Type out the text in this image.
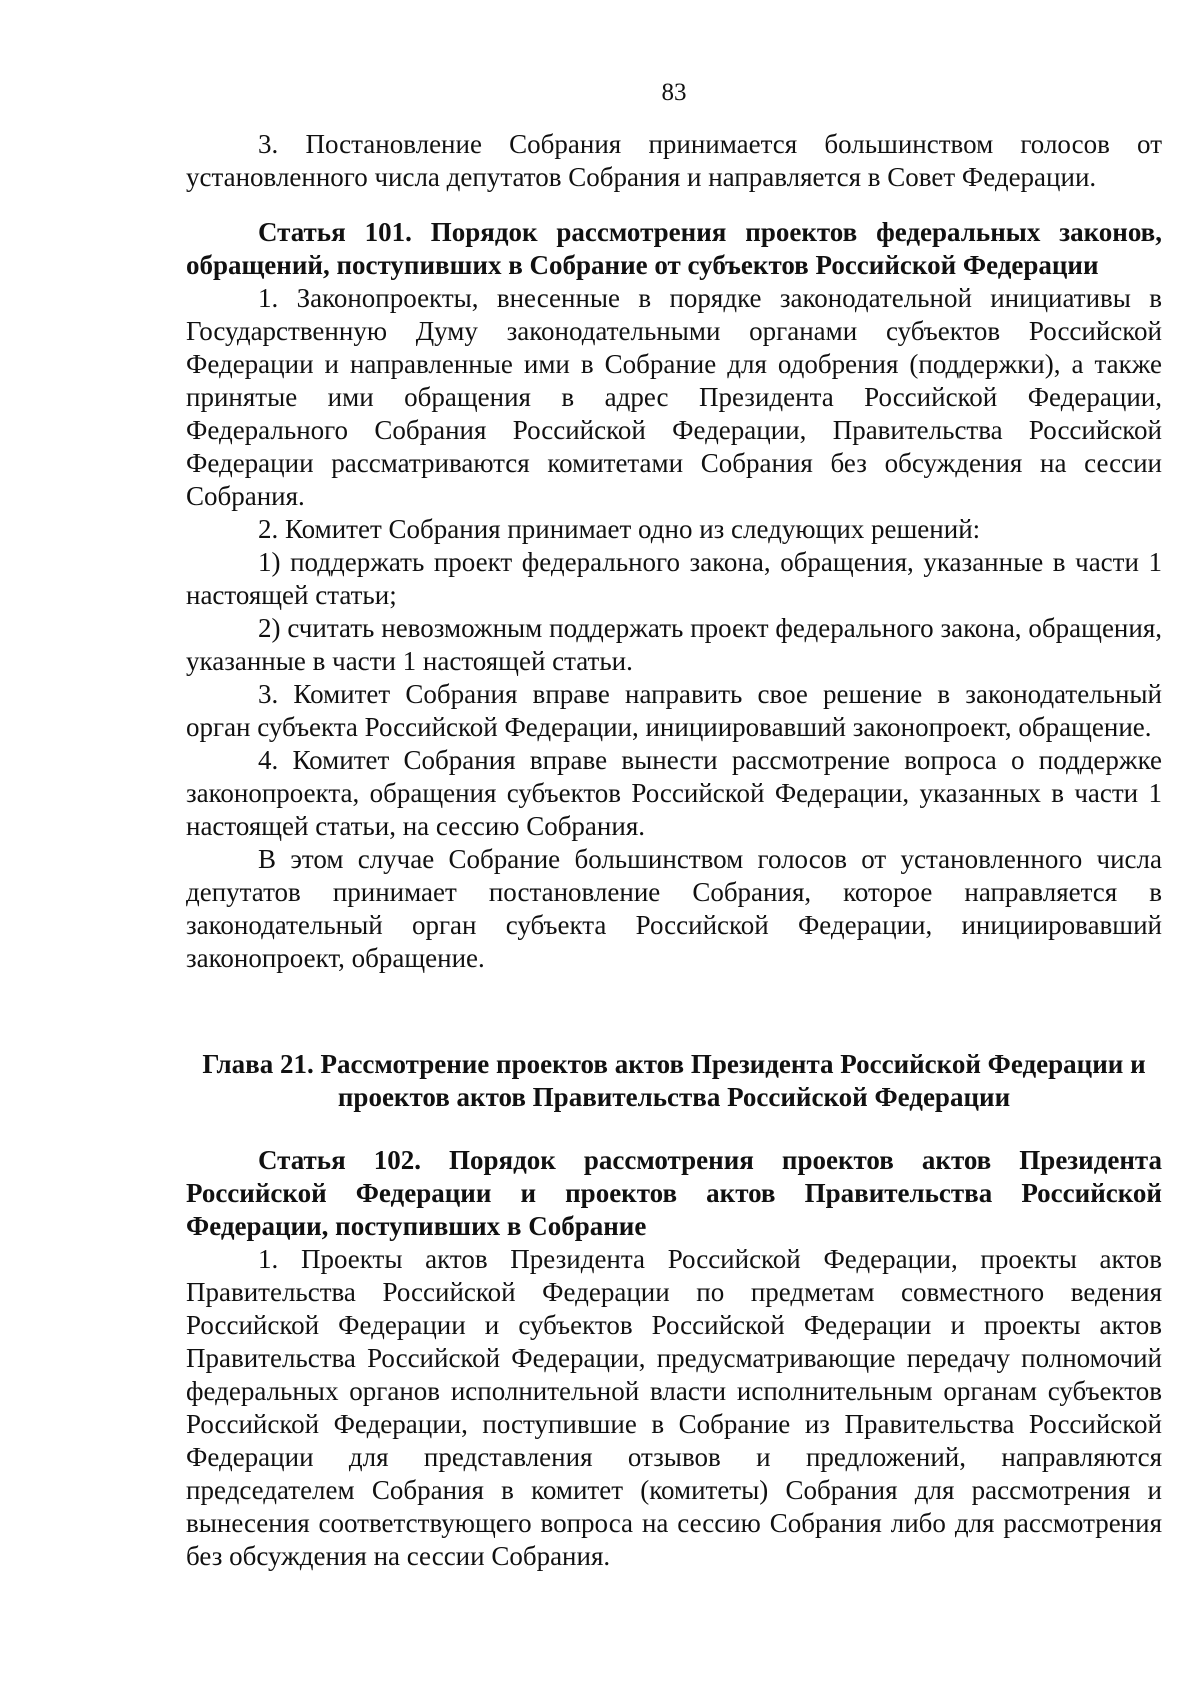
83

3. Постановление Собрания принимается большинством голосов от установленного числа депутатов Собрания и направляется в Совет Федерации.

Статья 101. Порядок рассмотрения проектов федеральных законов, обращений, поступивших в Собрание от субъектов Российской Федерации

1. Законопроекты, внесенные в порядке законодательной инициативы в Государственную Думу законодательными органами субъектов Российской Федерации и направленные ими в Собрание для одобрения (поддержки), а также принятые ими обращения в адрес Президента Российской Федерации, Федерального Собрания Российской Федерации, Правительства Российской Федерации рассматриваются комитетами Собрания без обсуждения на сессии Собрания.

2. Комитет Собрания принимает одно из следующих решений:

1) поддержать проект федерального закона, обращения, указанные в части 1 настоящей статьи;

2) считать невозможным поддержать проект федерального закона, обращения, указанные в части 1 настоящей статьи.

3. Комитет Собрания вправе направить свое решение в законодательный орган субъекта Российской Федерации, инициировавший законопроект, обращение.

4. Комитет Собрания вправе вынести рассмотрение вопроса о поддержке законопроекта, обращения субъектов Российской Федерации, указанных в части 1 настоящей статьи, на сессию Собрания.

В этом случае Собрание большинством голосов от установленного числа депутатов принимает постановление Собрания, которое направляется в законодательный орган субъекта Российской Федерации, инициировавший законопроект, обращение.

Глава 21. Рассмотрение проектов актов Президента Российской Федерации и проектов актов Правительства Российской Федерации

Статья 102. Порядок рассмотрения проектов актов Президента Российской Федерации и проектов актов Правительства Российской Федерации, поступивших в Собрание

1. Проекты актов Президента Российской Федерации, проекты актов Правительства Российской Федерации по предметам совместного ведения Российской Федерации и субъектов Российской Федерации и проекты актов Правительства Российской Федерации, предусматривающие передачу полномочий федеральных органов исполнительной власти исполнительным органам субъектов Российской Федерации, поступившие в Собрание из Правительства Российской Федерации для представления отзывов и предложений, направляются председателем Собрания в комитет (комитеты) Собрания для рассмотрения и вынесения соответствующего вопроса на сессию Собрания либо для рассмотрения без обсуждения на сессии Собрания.
